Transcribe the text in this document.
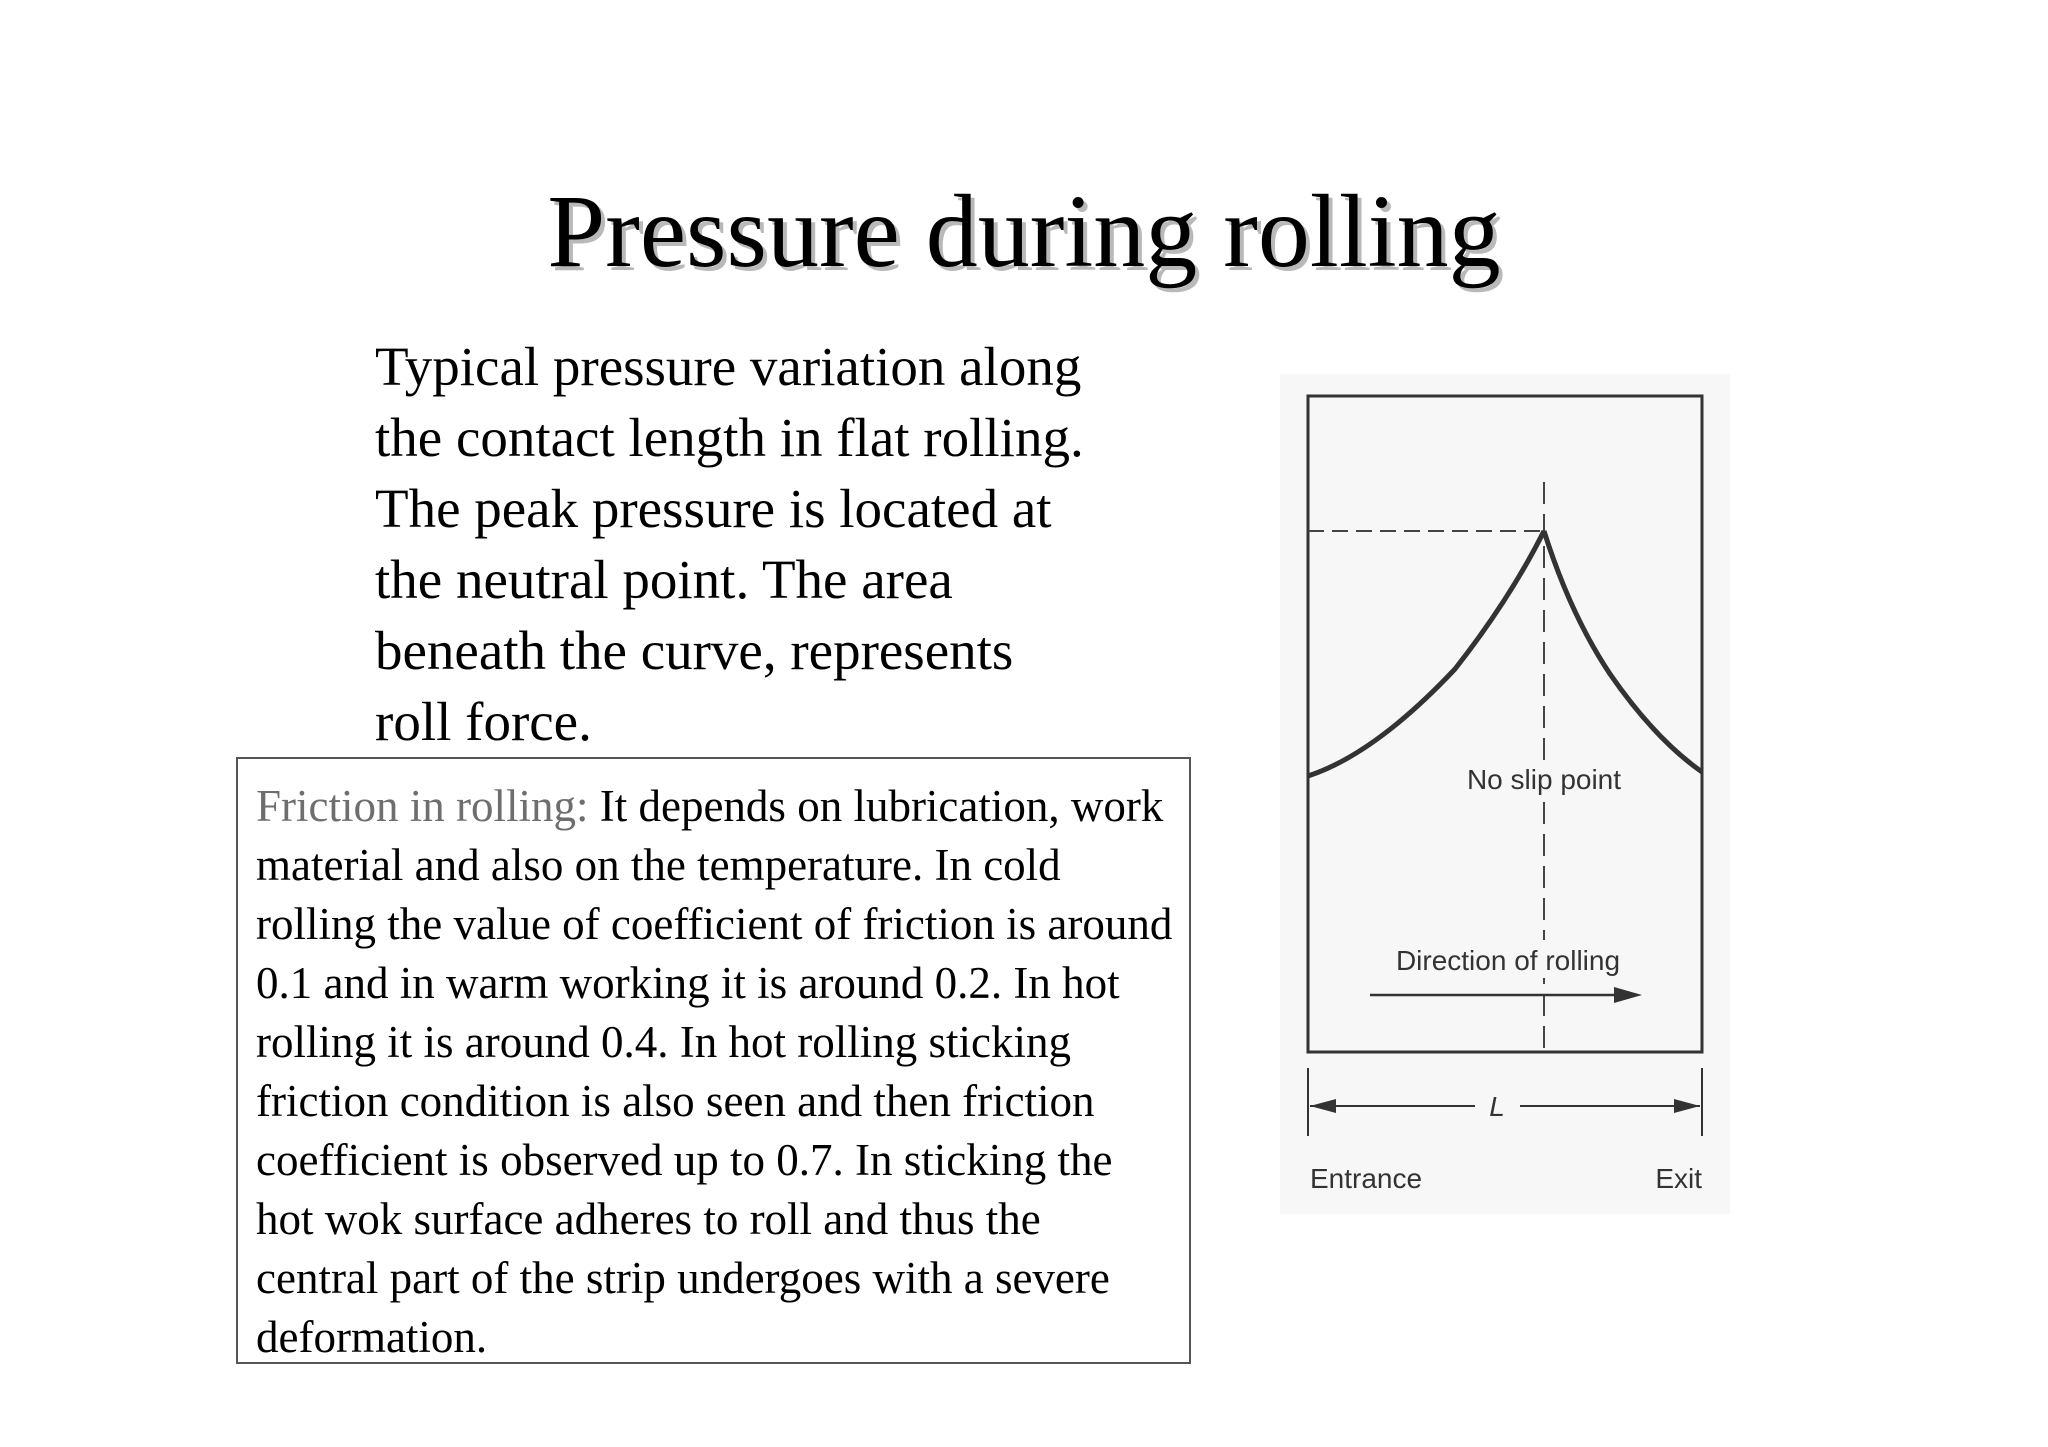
Pressure during rolling
Typical pressure variation along
the contact length in flat rolling.
The peak pressure is located at
the neutral point. The area
beneath the curve, represents
roll force.
Friction in rolling: It depends on lubrication, work material and also on the temperature. In cold rolling the value of coefficient of friction is around 0.1 and in warm working it is around 0.2. In hot rolling it is around 0.4. In hot rolling sticking friction condition is also seen and then friction coefficient is observed up to 0.7. In sticking the hot wok surface adheres to roll and thus the central part of the strip undergoes with a severe deformation.
No slip point
Direction of rolling
L
Entrance	Exit
